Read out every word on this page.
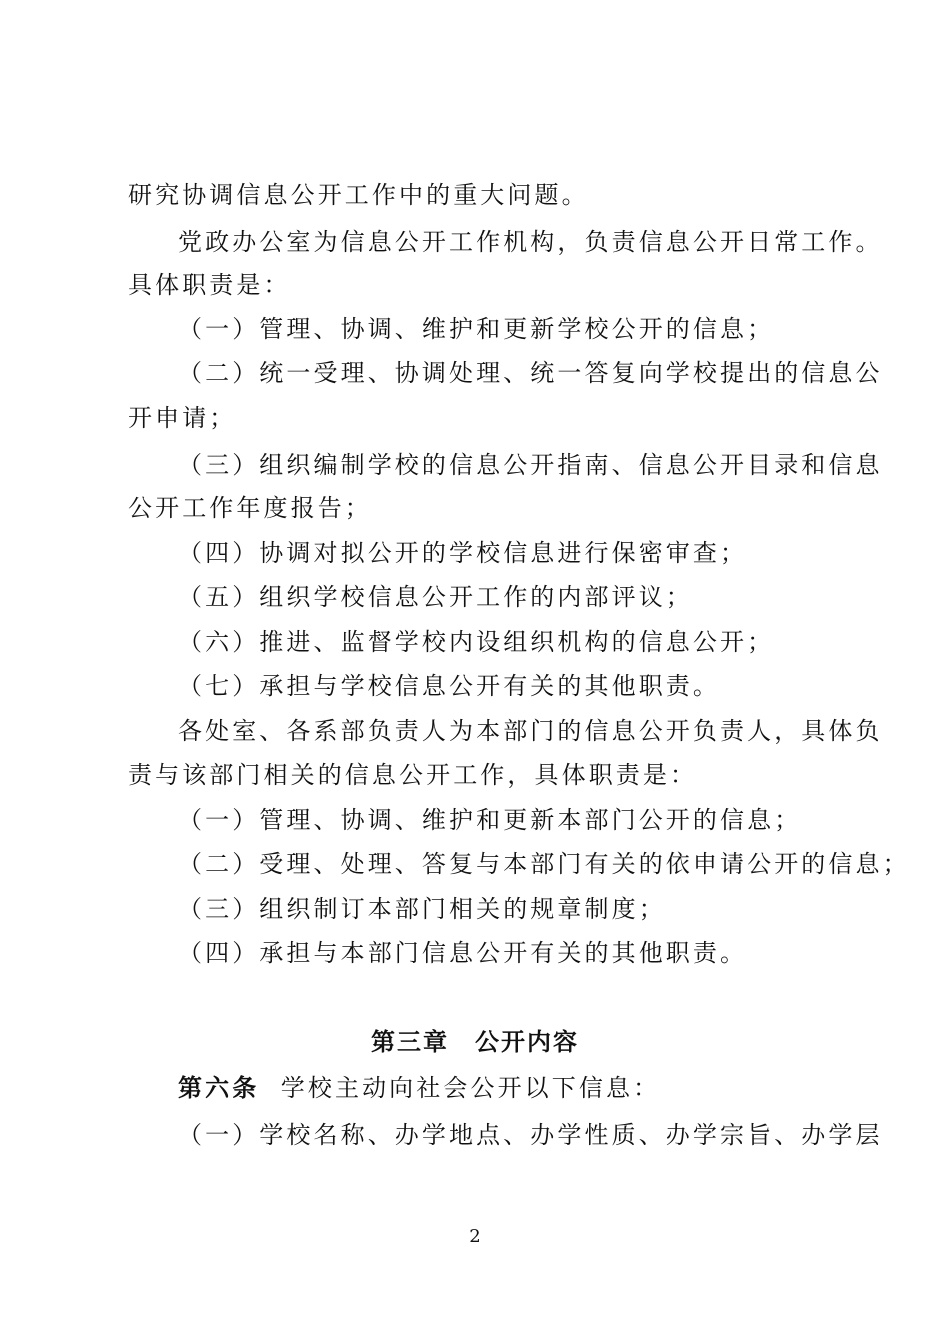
研究协调信息公开工作中的重大问题。
党政办公室为信息公开工作机构，负责信息公开日常工作。
具体职责是：
（一）管理、协调、维护和更新学校公开的信息；
（二）统一受理、协调处理、统一答复向学校提出的信息公
开申请；
（三）组织编制学校的信息公开指南、信息公开目录和信息
公开工作年度报告；
（四）协调对拟公开的学校信息进行保密审查；
（五）组织学校信息公开工作的内部评议；
（六）推进、监督学校内设组织机构的信息公开；
（七）承担与学校信息公开有关的其他职责。
各处室、各系部负责人为本部门的信息公开负责人，具体负
责与该部门相关的信息公开工作，具体职责是：
（一）管理、协调、维护和更新本部门公开的信息；
（二）受理、处理、答复与本部门有关的依申请公开的信息；
（三）组织制订本部门相关的规章制度；
（四）承担与本部门信息公开有关的其他职责。
第三章　公开内容
第六条 学校主动向社会公开以下信息：
（一）学校名称、办学地点、办学性质、办学宗旨、办学层
2
